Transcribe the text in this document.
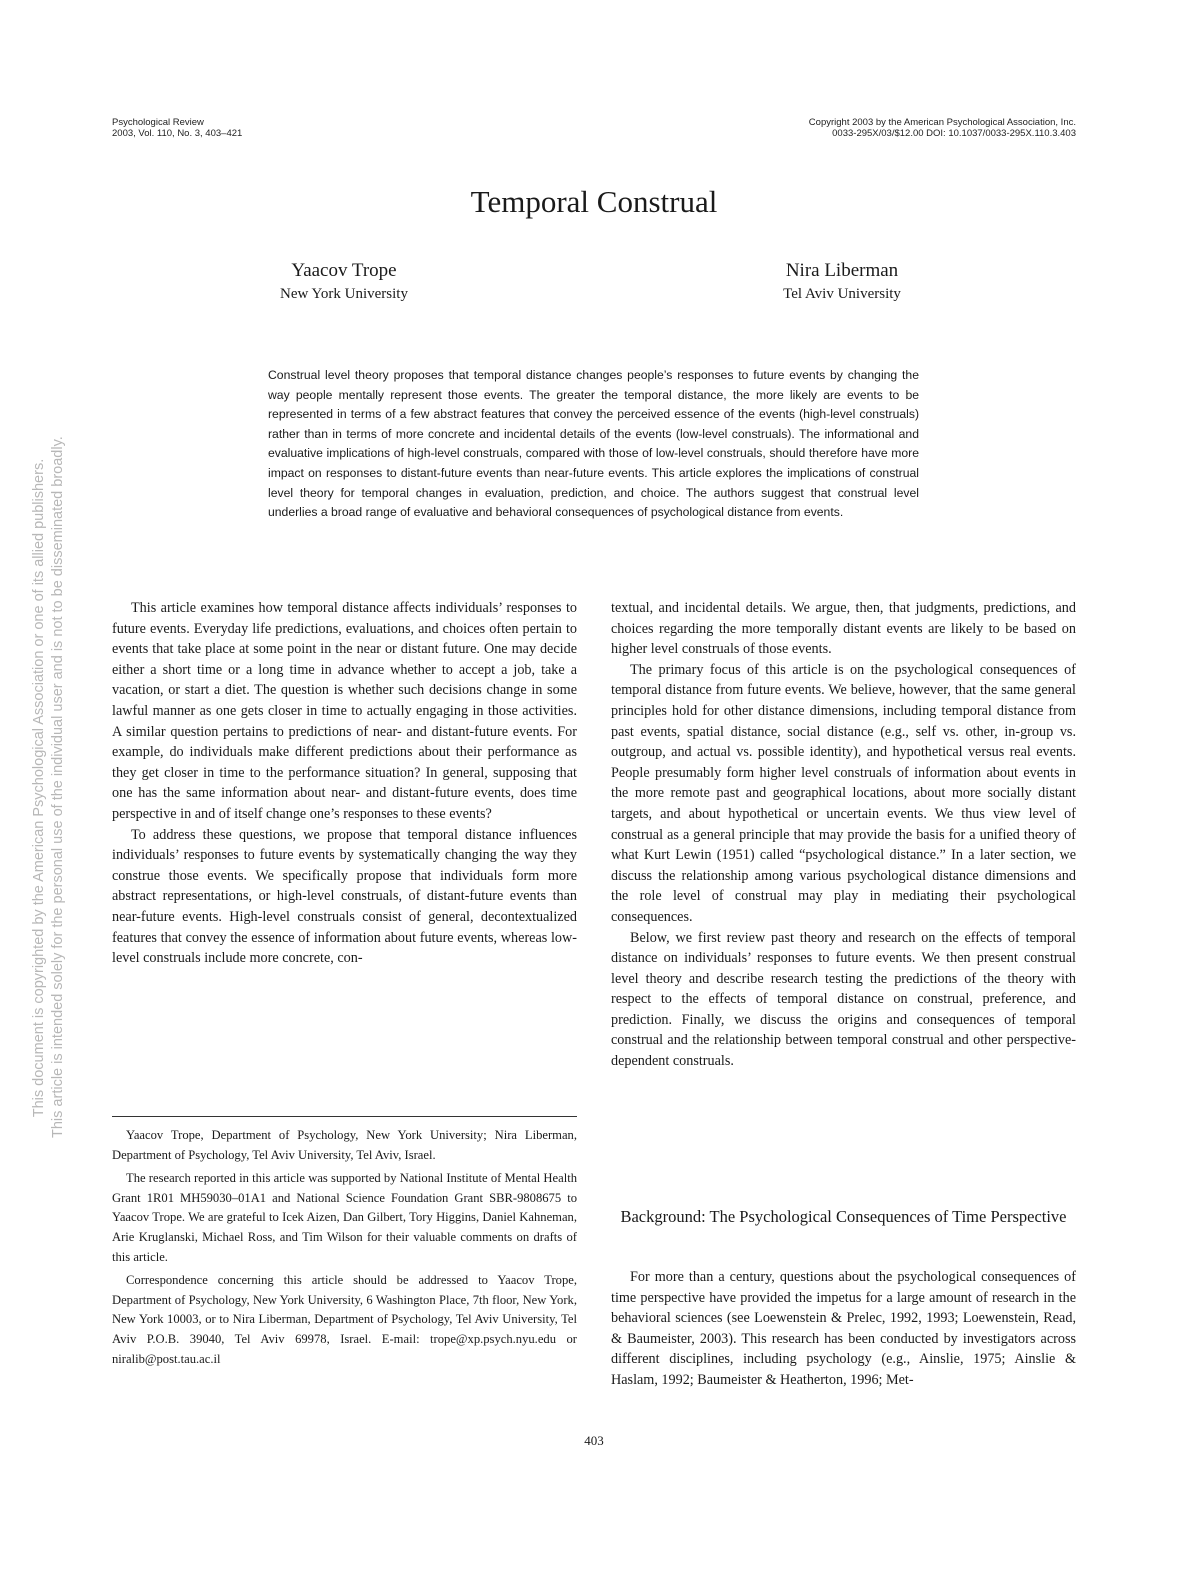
Psychological Review
2003, Vol. 110, No. 3, 403–421
Copyright 2003 by the American Psychological Association, Inc.
0033-295X/03/$12.00 DOI: 10.1037/0033-295X.110.3.403
Temporal Construal
Yaacov Trope
New York University
Nira Liberman
Tel Aviv University
Construal level theory proposes that temporal distance changes people’s responses to future events by changing the way people mentally represent those events. The greater the temporal distance, the more likely are events to be represented in terms of a few abstract features that convey the perceived essence of the events (high-level construals) rather than in terms of more concrete and incidental details of the events (low-level construals). The informational and evaluative implications of high-level construals, compared with those of low-level construals, should therefore have more impact on responses to distant-future events than near-future events. This article explores the implications of construal level theory for temporal changes in evaluation, prediction, and choice. The authors suggest that construal level underlies a broad range of evaluative and behavioral consequences of psychological distance from events.

This article examines how temporal distance affects individuals’ responses to future events. Everyday life predictions, evaluations, and choices often pertain to events that take place at some point in the near or distant future. One may decide either a short time or a long time in advance whether to accept a job, take a vacation, or start a diet. The question is whether such decisions change in some lawful manner as one gets closer in time to actually engaging in those activities. A similar question pertains to predictions of near- and distant-future events. For example, do individuals make different predictions about their performance as they get closer in time to the performance situation? In general, supposing that one has the same information about near- and distant-future events, does time perspective in and of itself change one’s responses to these events?

To address these questions, we propose that temporal distance influences individuals’ responses to future events by systematically changing the way they construe those events. We specifically propose that individuals form more abstract representations, or high-level construals, of distant-future events than near-future events. High-level construals consist of general, decontextualized features that convey the essence of information about future events, whereas low-level construals include more concrete, con-

Yaacov Trope, Department of Psychology, New York University; Nira Liberman, Department of Psychology, Tel Aviv University, Tel Aviv, Israel.

The research reported in this article was supported by National Institute of Mental Health Grant 1R01 MH59030–01A1 and National Science Foundation Grant SBR-9808675 to Yaacov Trope. We are grateful to Icek Aizen, Dan Gilbert, Tory Higgins, Daniel Kahneman, Arie Kruglanski, Michael Ross, and Tim Wilson for their valuable comments on drafts of this article.

Correspondence concerning this article should be addressed to Yaacov Trope, Department of Psychology, New York University, 6 Washington Place, 7th floor, New York, New York 10003, or to Nira Liberman, Department of Psychology, Tel Aviv University, Tel Aviv P.O.B. 39040, Tel Aviv 69978, Israel. E-mail: trope@xp.psych.nyu.edu or niralib@post.tau.ac.il

textual, and incidental details. We argue, then, that judgments, predictions, and choices regarding the more temporally distant events are likely to be based on higher level construals of those events.

The primary focus of this article is on the psychological consequences of temporal distance from future events. We believe, however, that the same general principles hold for other distance dimensions, including temporal distance from past events, spatial distance, social distance (e.g., self vs. other, in-group vs. outgroup, and actual vs. possible identity), and hypothetical versus real events. People presumably form higher level construals of information about events in the more remote past and geographical locations, about more socially distant targets, and about hypothetical or uncertain events. We thus view level of construal as a general principle that may provide the basis for a unified theory of what Kurt Lewin (1951) called “psychological distance.” In a later section, we discuss the relationship among various psychological distance dimensions and the role level of construal may play in mediating their psychological consequences.

Below, we first review past theory and research on the effects of temporal distance on individuals’ responses to future events. We then present construal level theory and describe research testing the predictions of the theory with respect to the effects of temporal distance on construal, preference, and prediction. Finally, we discuss the origins and consequences of temporal construal and the relationship between temporal construal and other perspective-dependent construals.

Background: The Psychological Consequences of Time Perspective

For more than a century, questions about the psychological consequences of time perspective have provided the impetus for a large amount of research in the behavioral sciences (see Loewenstein & Prelec, 1992, 1993; Loewenstein, Read, & Baumeister, 2003). This research has been conducted by investigators across different disciplines, including psychology (e.g., Ainslie, 1975; Ainslie & Haslam, 1992; Baumeister & Heatherton, 1996; Met-

403
This document is copyrighted by the American Psychological Association or one of its allied publishers. This article is intended solely for the personal use of the individual user and is not to be disseminated broadly.
